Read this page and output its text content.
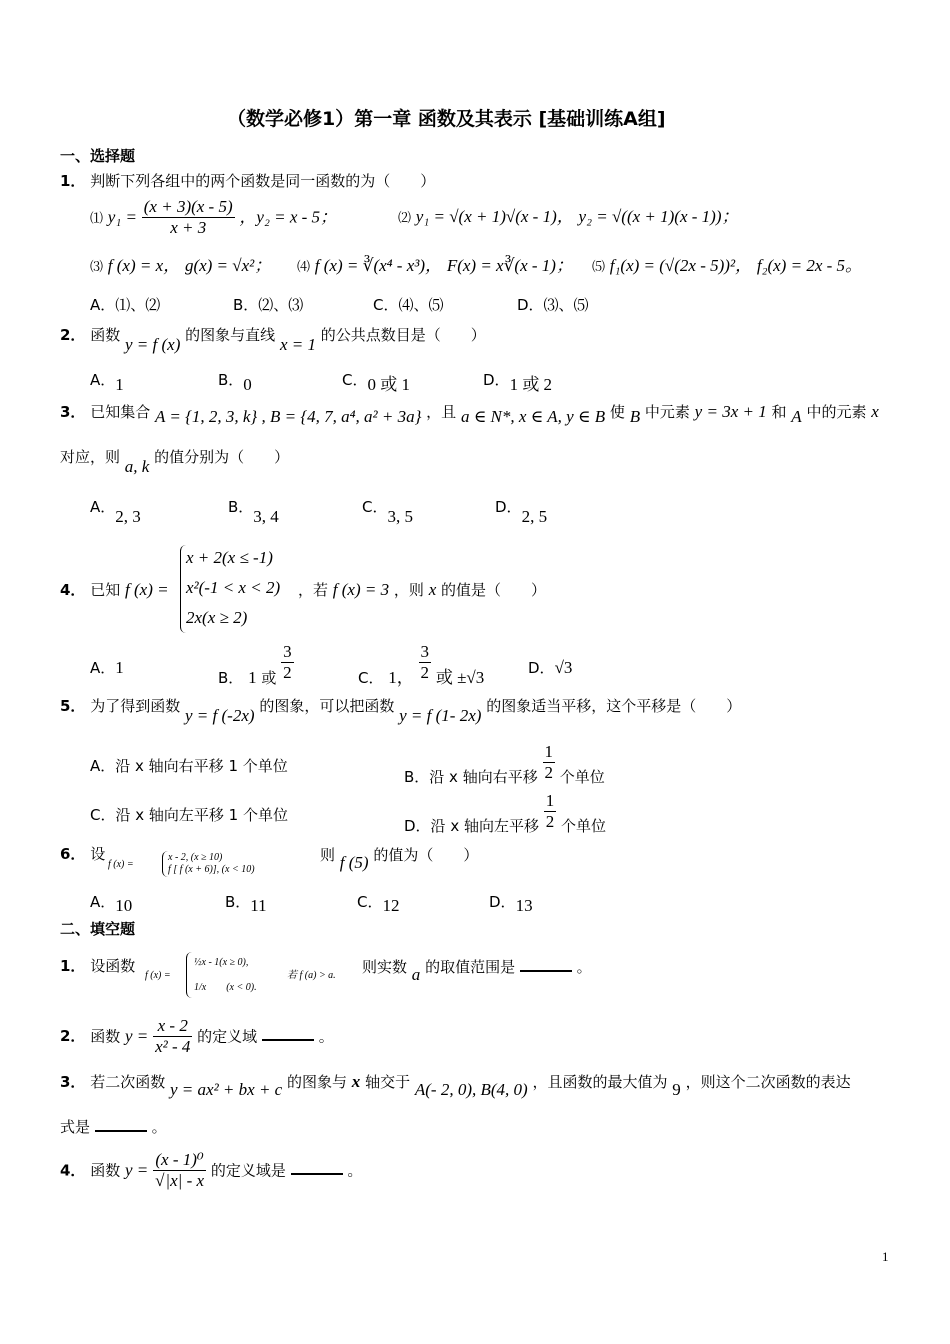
（数学必修1）第一章 函数及其表示 [基础训练A组]
一、选择题
1． 判断下列各组中的两个函数是同一函数的为（　　）
⑴ $y_1 = \frac{(x + 3)(x - 5)}{x + 3}$ ，y₂ = x - 5；	⑵ y₁ = √(x + 1)√(x - 1)， y₂ = √((x + 1)(x - 1))；
⑶ f (x) = x， g(x) = √x²； ⑷ f (x) = ∛(x⁴ - x³)， F(x) = x∛(x - 1)； ⑸ f₁(x) = (√(2x - 5))²， f₂(x) = 2x - 5。
A．⑴、⑵	B．⑵、⑶	C．⑷、⑸	D．⑶、⑸
2． 函数 y = f (x) 的图象与直线 x = 1 的公共点数目是（　　）
A．1	B．0	C．0 或 1	D．1 或 2
3． 已知集合 A = {1, 2, 3, k} , B = {4, 7, a⁴, a² + 3a} ，且 a ∈ N*, x ∈ A, y ∈ B 使 B 中元素 y = 3x + 1 和 A 中的元素 x
对应，则 a, k 的值分别为（　　）
A．2, 3	B．3, 4	C．3, 5	D．2, 5
4． 已知 f (x) =
x + 2(x ≤ -1)
x²(-1 < x < 2)
2x(x ≥ 2)
，若 f (x) = 3 ，则 x 的值是（　　）
A．1
B． 1 或 $\frac{3}{2}$	C． 1， $\frac{3}{2}$ 或 ±√3
D．√3
5． 为了得到函数 y = f (-2x) 的图象，可以把函数 y = f (1- 2x) 的图象适当平移，这个平移是（　　）
A．沿 x 轴向右平移 1 个单位
B．沿 x 轴向右平移 $\frac{1}{2}$ 个单位
C．沿 x 轴向左平移 1 个单位
D．沿 x 轴向左平移 $\frac{1}{2}$ 个单位
6． 设
f (x) =
x - 2, (x ≥ 10)
f [ f (x + 6)], (x < 10)
则 f (5) 的值为（　　）
A．10	B．11	C．12	D．13
二、填空题
1． 设函数
f (x) =
½x - 1(x ≥ 0),
1/x　　(x < 0).
若 f (a) > a. 则实数 a 的取值范围是	。
2． 函数 $y = \frac{x - 2}{\text{x² - 4}}$ 的定义域	。
3． 若二次函数 y = ax² + bx + c 的图象与 x 轴交于 A(- 2, 0), B(4, 0) ，且函数的最大值为 9 ，则这个二次函数的表达
式是	。
4． 函数 $y = \frac{\text{(x - 1)⁰}}{√|x| - x}$ 的定义域是	。
1
